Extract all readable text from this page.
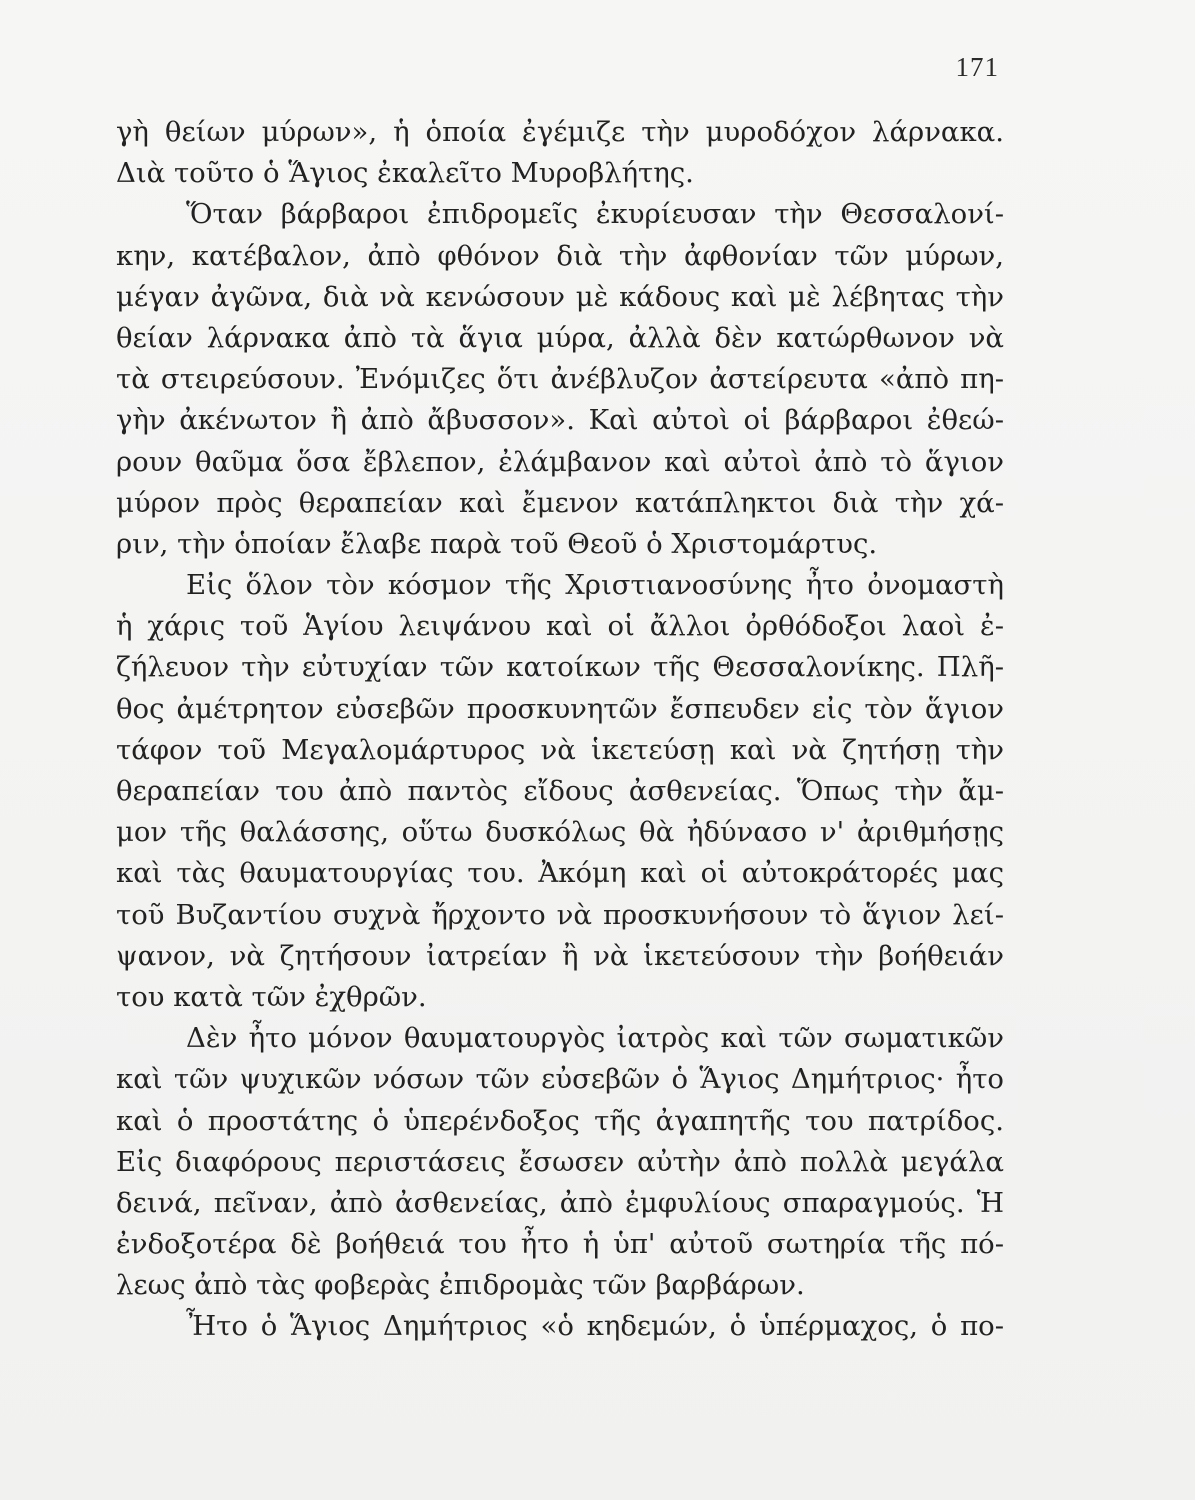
171
γὴ θείων μύρων», ἡ ὁποία ἐγέμιζε τὴν μυροδόχον λάρνακα.
Διὰ τοῦτο ὁ Ἅγιος ἐκαλεῖτο Μυροβλήτης.
Ὅταν βάρβαροι ἐπιδρομεῖς ἐκυρίευσαν τὴν Θεσσαλονί-
κην, κατέβαλον, ἀπὸ φθόνον διὰ τὴν ἀφθονίαν τῶν μύρων,
μέγαν ἀγῶνα, διὰ νὰ κενώσουν μὲ κάδους καὶ μὲ λέβητας τὴν
θείαν λάρνακα ἀπὸ τὰ ἅγια μύρα, ἀλλὰ δὲν κατώρθωνον νὰ
τὰ στειρεύσουν. Ἐνόμιζες ὅτι ἀνέβλυζον ἀστείρευτα «ἀπὸ πη-
γὴν ἀκένωτον ἢ ἀπὸ ἄβυσσον». Καὶ αὐτοὶ οἱ βάρβαροι ἐθεώ-
ρουν θαῦμα ὅσα ἔβλεπον, ἐλάμβανον καὶ αὐτοὶ ἀπὸ τὸ ἅγιον
μύρον πρὸς θεραπείαν καὶ ἔμενον κατάπληκτοι διὰ τὴν χά-
ριν, τὴν ὁποίαν ἔλαβε παρὰ τοῦ Θεοῦ ὁ Χριστομάρτυς.
Εἰς ὅλον τὸν κόσμον τῆς Χριστιανοσύνης ἦτο ὀνομαστὴ
ἡ χάρις τοῦ Ἁγίου λειψάνου καὶ οἱ ἄλλοι ὀρθόδοξοι λαοὶ ἐ-
ζήλευον τὴν εὐτυχίαν τῶν κατοίκων τῆς Θεσσαλονίκης. Πλῆ-
θος ἀμέτρητον εὐσεβῶν προσκυνητῶν ἔσπευδεν εἰς τὸν ἅγιον
τάφον τοῦ Μεγαλομάρτυρος νὰ ἱκετεύσῃ καὶ νὰ ζητήσῃ τὴν
θεραπείαν του ἀπὸ παντὸς εἴδους ἀσθενείας. Ὅπως τὴν ἄμ-
μον τῆς θαλάσσης, οὕτω δυσκόλως θὰ ἠδύνασο ν' ἀριθμήσῃς
καὶ τὰς θαυματουργίας του. Ἀκόμη καὶ οἱ αὐτοκράτορές μας
τοῦ Βυζαντίου συχνὰ ἤρχοντο νὰ προσκυνήσουν τὸ ἅγιον λεί-
ψανον, νὰ ζητήσουν ἰατρείαν ἢ νὰ ἱκετεύσουν τὴν βοήθειάν
του κατὰ τῶν ἐχθρῶν.
Δὲν ἦτο μόνον θαυματουργὸς ἰατρὸς καὶ τῶν σωματικῶν
καὶ τῶν ψυχικῶν νόσων τῶν εὐσεβῶν ὁ Ἅγιος Δημήτριος· ἦτο
καὶ ὁ προστάτης ὁ ὑπερένδοξος τῆς ἀγαπητῆς του πατρίδος.
Εἰς διαφόρους περιστάσεις ἔσωσεν αὐτὴν ἀπὸ πολλὰ μεγάλα
δεινά, πεῖναν, ἀπὸ ἀσθενείας, ἀπὸ ἐμφυλίους σπαραγμούς. Ἡ
ἐνδοξοτέρα δὲ βοήθειά του ἦτο ἡ ὑπ' αὐτοῦ σωτηρία τῆς πό-
λεως ἀπὸ τὰς φοβερὰς ἐπιδρομὰς τῶν βαρβάρων.
Ἦτο ὁ Ἅγιος Δημήτριος «ὁ κηδεμών, ὁ ὑπέρμαχος, ὁ πο-
